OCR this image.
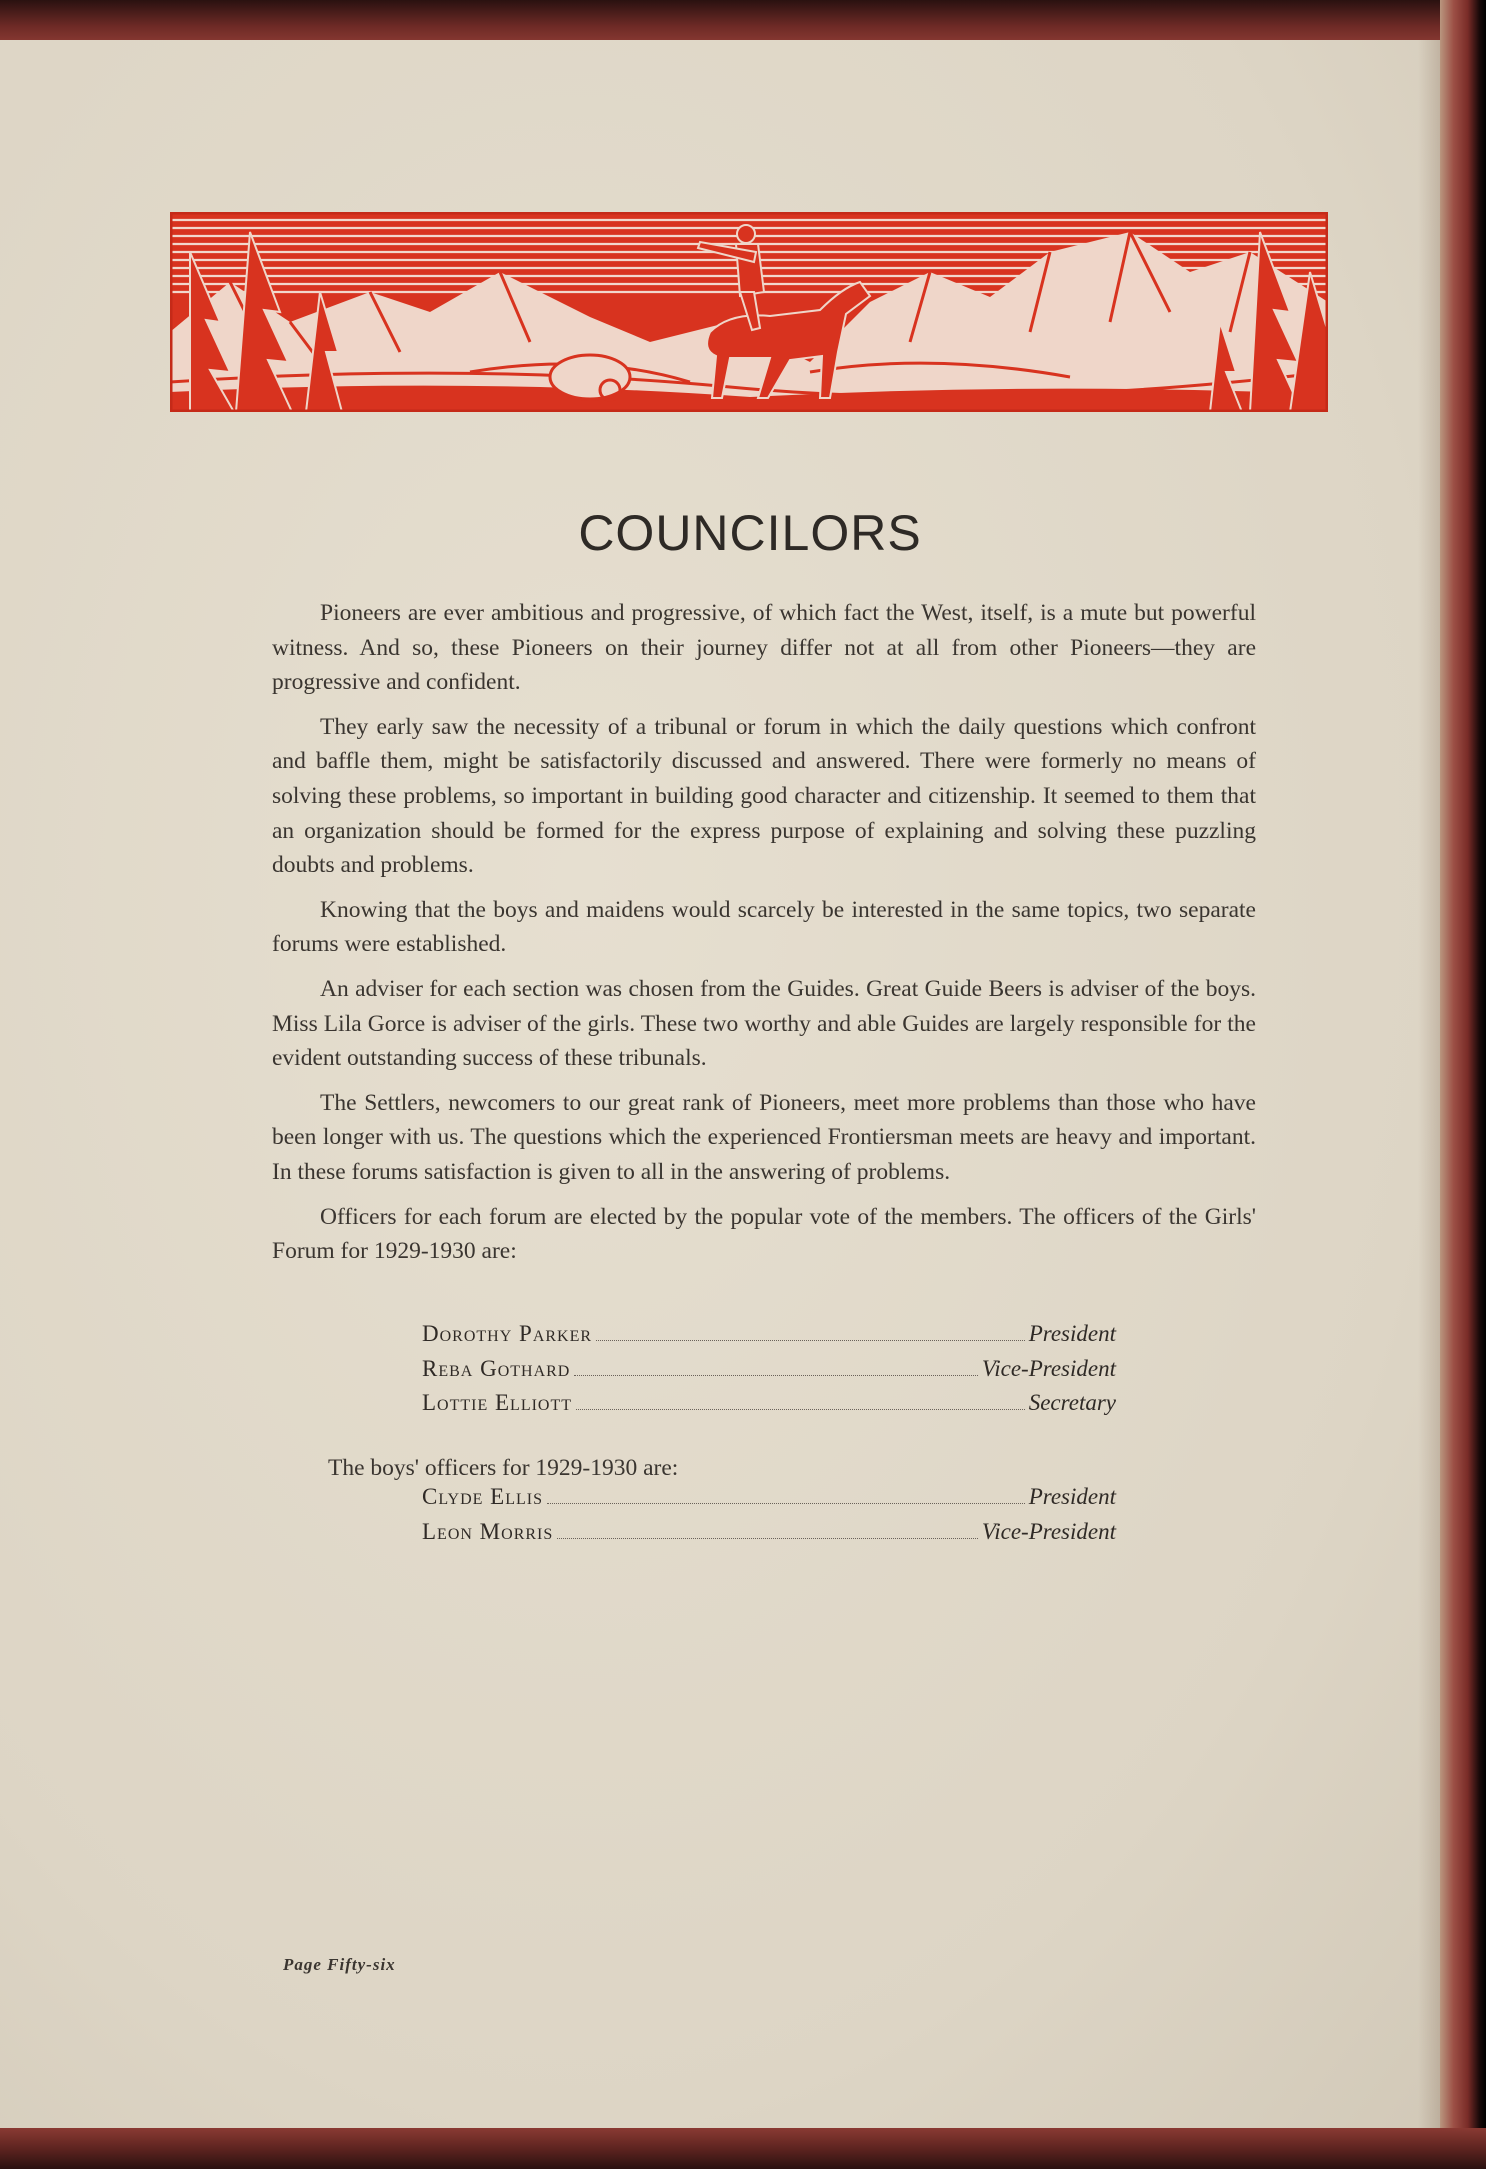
COUNCILORS

Pioneers are ever ambitious and progressive, of which fact the West, itself, is a mute but powerful witness. And so, these Pioneers on their journey differ not at all from other Pioneers—they are progressive and confident.

They early saw the necessity of a tribunal or forum in which the daily questions which confront and baffle them, might be satisfactorily discussed and answered. There were formerly no means of solving these problems, so important in building good character and citizenship. It seemed to them that an organization should be formed for the express purpose of explaining and solving these puzzling doubts and problems.

Knowing that the boys and maidens would scarcely be interested in the same topics, two separate forums were established.

An adviser for each section was chosen from the Guides. Great Guide Beers is adviser of the boys. Miss Lila Gorce is adviser of the girls. These two worthy and able Guides are largely responsible for the evident outstanding success of these tribunals.

The Settlers, newcomers to our great rank of Pioneers, meet more problems than those who have been longer with us. The questions which the experienced Frontiersman meets are heavy and important. In these forums satisfaction is given to all in the answering of problems.

Officers for each forum are elected by the popular vote of the members. The officers of the Girls' Forum for 1929-1930 are:

Dorothy Parker	President
Reba Gothard	Vice-President
Lottie Elliott	Secretary
The boys' officers for 1929-1930 are:
Clyde Ellis	President
Leon Morris	Vice-President
Page Fifty-six
